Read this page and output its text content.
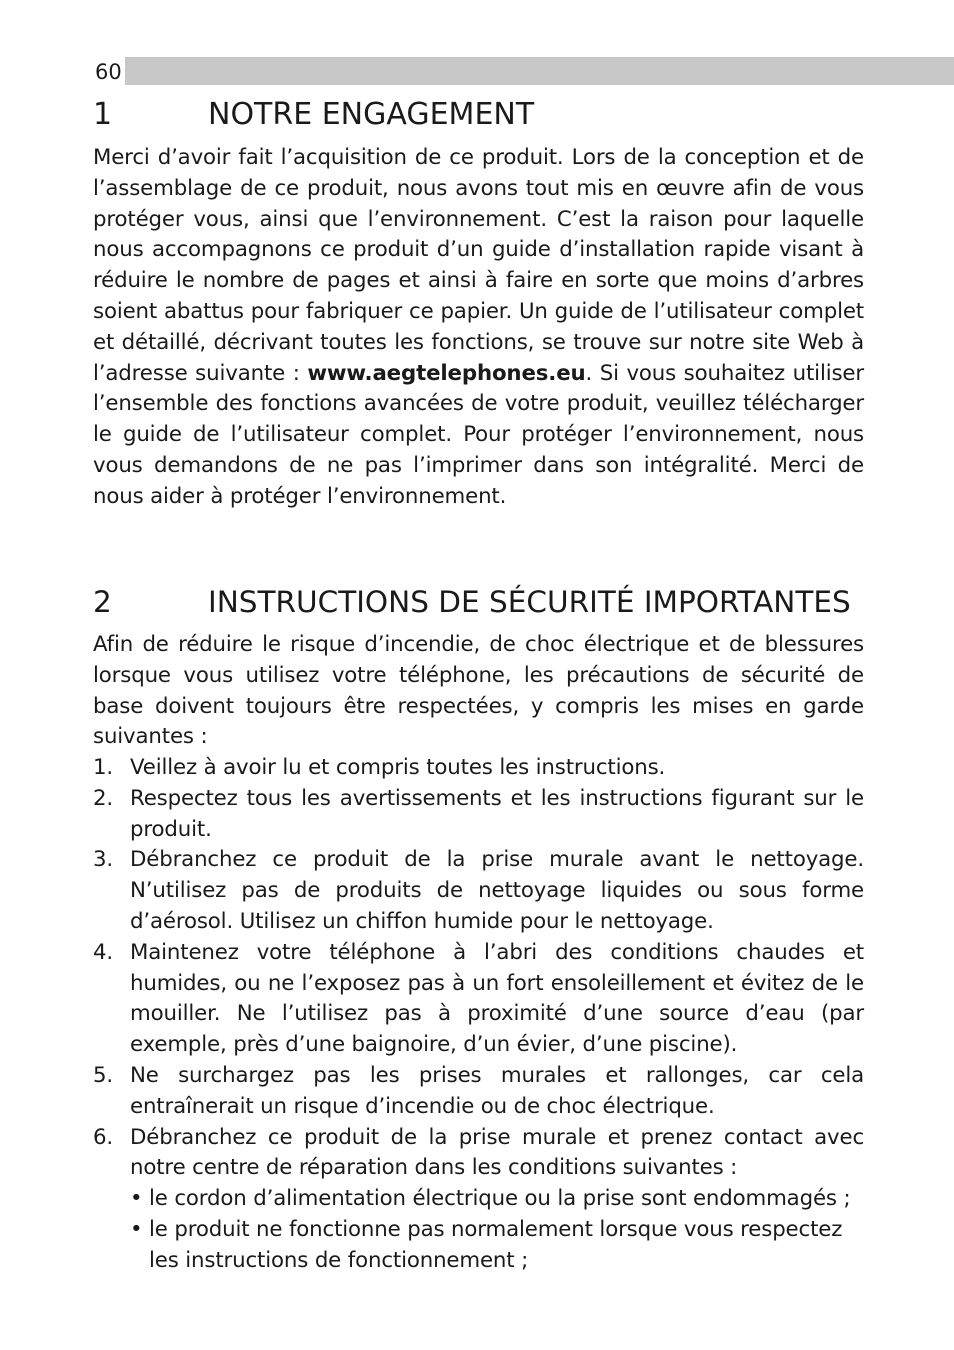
60
1	NOTRE ENGAGEMENT

Merci d’avoir fait l’acquisition de ce produit. Lors de la conception et de l’assemblage de ce produit, nous avons tout mis en œuvre afin de vous protéger vous, ainsi que l’environnement. C’est la raison pour laquelle nous accompagnons ce produit d’un guide d’installation rapide visant à réduire le nombre de pages et ainsi à faire en sorte que moins d’arbres soient abattus pour fabriquer ce papier. Un guide de l’utilisateur complet et détaillé, décrivant toutes les fonctions, se trouve sur notre site Web à l’adresse suivante : www.aegtelephones.eu. Si vous souhaitez utiliser l’ensemble des fonctions avancées de votre produit, veuillez télécharger le guide de l’utilisateur complet. Pour protéger l’environnement, nous vous demandons de ne pas l’imprimer dans son intégralité. Merci de nous aider à protéger l’environnement.

2	INSTRUCTIONS DE SÉCURITÉ IMPORTANTES

Afin de réduire le risque d’incendie, de choc électrique et de blessures lorsque vous utilisez votre téléphone, les précautions de sécurité de base doivent toujours être respectées, y compris les mises en garde suivantes :

1. Veillez à avoir lu et compris toutes les instructions.
2. Respectez tous les avertissements et les instructions figurant sur le produit.
3. Débranchez ce produit de la prise murale avant le nettoyage. N’utilisez pas de produits de nettoyage liquides ou sous forme d’aérosol. Utilisez un chiffon humide pour le nettoyage.
4. Maintenez votre téléphone à l’abri des conditions chaudes et humides, ou ne l’exposez pas à un fort ensoleillement et évitez de le mouiller. Ne l’utilisez pas à proximité d’une source d’eau (par exemple, près d’une baignoire, d’un évier, d’une piscine).
5. Ne surchargez pas les prises murales et rallonges, car cela entraînerait un risque d’incendie ou de choc électrique.
6. Débranchez ce produit de la prise murale et prenez contact avec notre centre de réparation dans les conditions suivantes :
• le cordon d’alimentation électrique ou la prise sont endommagés ;
• le produit ne fonctionne pas normalement lorsque vous respectez les instructions de fonctionnement ;
